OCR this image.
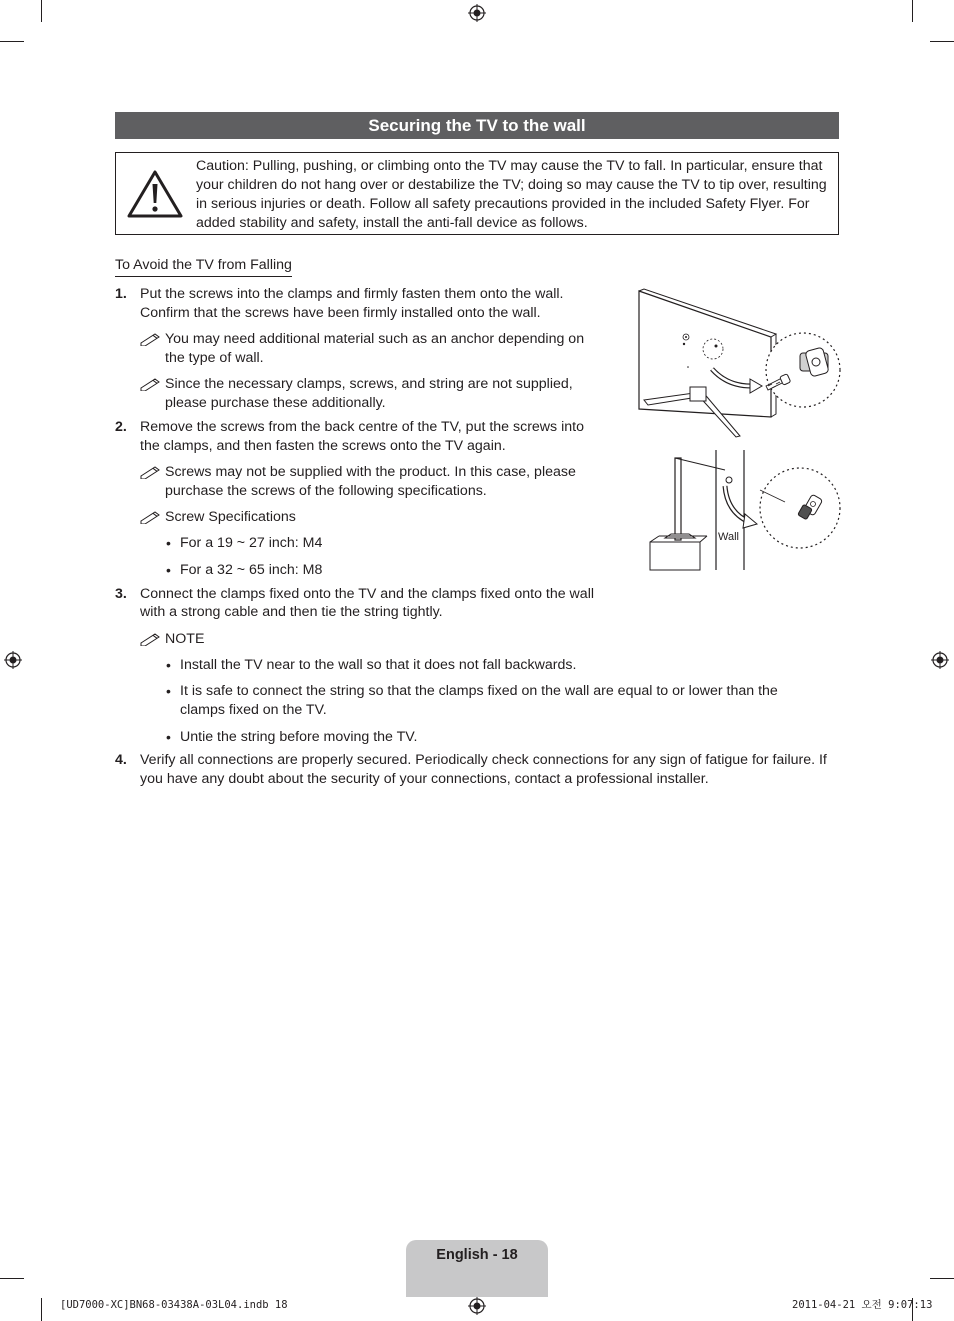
Securing the TV to the wall
Caution: Pulling, pushing, or climbing onto the TV may cause the TV to fall. In particular, ensure that your children do not hang over or destabilize the TV; doing so may cause the TV to tip over, resulting in serious injuries or death. Follow all safety precautions provided in the included Safety Flyer. For added stability and safety, install the anti-fall device as follows.
To Avoid the TV from Falling
1. Put the screws into the clamps and firmly fasten them onto the wall.
Confirm that the screws have been firmly installed onto the wall.
You may need additional material such as an anchor depending on
the type of wall.
Since the necessary clamps, screws, and string are not supplied,
please purchase these additionally.
2. Remove the screws from the back centre of the TV, put the screws into
the clamps, and then fasten the screws onto the TV again.
Screws may not be supplied with the product. In this case, please
purchase the screws of the following specifications.
Screw Specifications
• For a 19 ~ 27 inch: M4
• For a 32 ~ 65 inch: M8
3. Connect the clamps fixed onto the TV and the clamps fixed onto the wall
with a strong cable and then tie the string tightly.
NOTE
• Install the TV near to the wall so that it does not fall backwards.
• It is safe to connect the string so that the clamps fixed on the wall are equal to or lower than the
clamps fixed on the TV.
• Untie the string before moving the TV.
4. Verify all connections are properly secured. Periodically check connections for any sign of fatigue for failure. If
you have any doubt about the security of your connections, contact a professional installer.
Wall
English - 18
[UD7000-XC]BN68-03438A-03L04.indb 18	2011-04-21 오전 9:07:13
